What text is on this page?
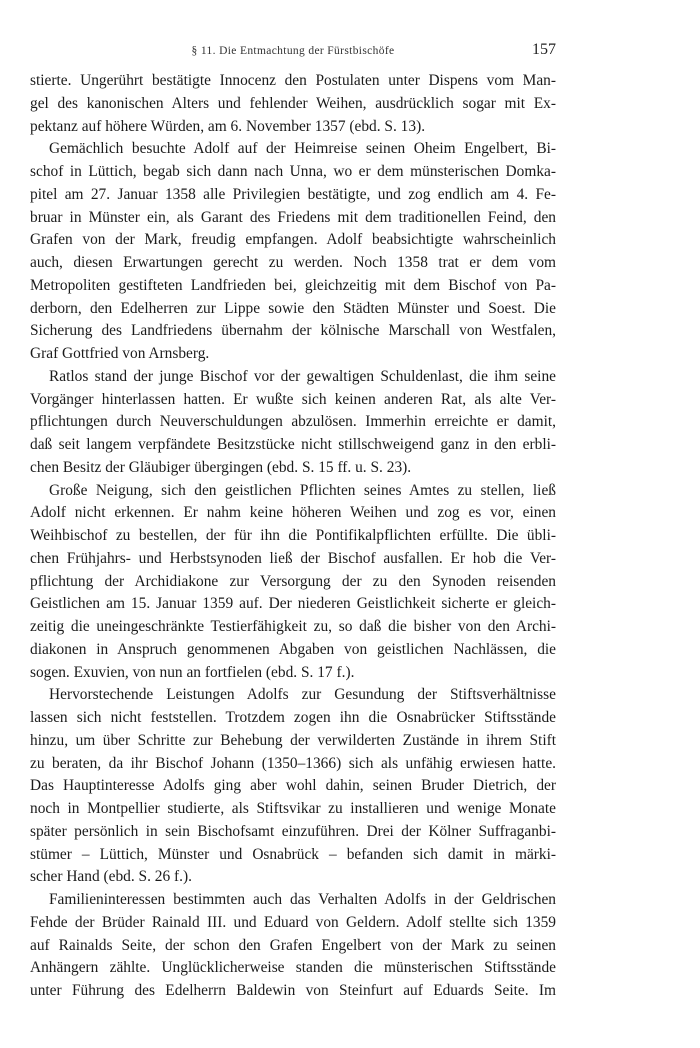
§ 11. Die Entmachtung der Fürstbischöfe	157
stierte. Ungerührt bestätigte Innocenz den Postulaten unter Dispens vom Man-
gel des kanonischen Alters und fehlender Weihen, ausdrücklich sogar mit Ex-
pektanz auf höhere Würden, am 6. November 1357 (ebd. S. 13).
Gemächlich besuchte Adolf auf der Heimreise seinen Oheim Engelbert, Bi-
schof in Lüttich, begab sich dann nach Unna, wo er dem münsterischen Domka-
pitel am 27. Januar 1358 alle Privilegien bestätigte, und zog endlich am 4. Fe-
bruar in Münster ein, als Garant des Friedens mit dem traditionellen Feind, den
Grafen von der Mark, freudig empfangen. Adolf beabsichtigte wahrscheinlich
auch, diesen Erwartungen gerecht zu werden. Noch 1358 trat er dem vom
Metropoliten gestifteten Landfrieden bei, gleichzeitig mit dem Bischof von Pa-
derborn, den Edelherren zur Lippe sowie den Städten Münster und Soest. Die
Sicherung des Landfriedens übernahm der kölnische Marschall von Westfalen,
Graf Gottfried von Arnsberg.
Ratlos stand der junge Bischof vor der gewaltigen Schuldenlast, die ihm seine
Vorgänger hinterlassen hatten. Er wußte sich keinen anderen Rat, als alte Ver-
pflichtungen durch Neuverschuldungen abzulösen. Immerhin erreichte er damit,
daß seit langem verpfändete Besitzstücke nicht stillschweigend ganz in den erbli-
chen Besitz der Gläubiger übergingen (ebd. S. 15 ff. u. S. 23).
Große Neigung, sich den geistlichen Pflichten seines Amtes zu stellen, ließ
Adolf nicht erkennen. Er nahm keine höheren Weihen und zog es vor, einen
Weihbischof zu bestellen, der für ihn die Pontifikalpflichten erfüllte. Die übli-
chen Frühjahrs- und Herbstsynoden ließ der Bischof ausfallen. Er hob die Ver-
pflichtung der Archidiakone zur Versorgung der zu den Synoden reisenden
Geistlichen am 15. Januar 1359 auf. Der niederen Geistlichkeit sicherte er gleich-
zeitig die uneingeschränkte Testierfähigkeit zu, so daß die bisher von den Archi-
diakonen in Anspruch genommenen Abgaben von geistlichen Nachlässen, die
sogen. Exuvien, von nun an fortfielen (ebd. S. 17 f.).
Hervorstechende Leistungen Adolfs zur Gesundung der Stiftsverhältnisse
lassen sich nicht feststellen. Trotzdem zogen ihn die Osnabrücker Stiftsstände
hinzu, um über Schritte zur Behebung der verwilderten Zustände in ihrem Stift
zu beraten, da ihr Bischof Johann (1350–1366) sich als unfähig erwiesen hatte.
Das Hauptinteresse Adolfs ging aber wohl dahin, seinen Bruder Dietrich, der
noch in Montpellier studierte, als Stiftsvikar zu installieren und wenige Monate
später persönlich in sein Bischofsamt einzuführen. Drei der Kölner Suffraganbi-
stümer – Lüttich, Münster und Osnabrück – befanden sich damit in märki-
scher Hand (ebd. S. 26 f.).
Familieninteressen bestimmten auch das Verhalten Adolfs in der Geldrischen
Fehde der Brüder Rainald III. und Eduard von Geldern. Adolf stellte sich 1359
auf Rainalds Seite, der schon den Grafen Engelbert von der Mark zu seinen
Anhängern zählte. Unglücklicherweise standen die münsterischen Stiftsstände
unter Führung des Edelherrn Baldewin von Steinfurt auf Eduards Seite. Im
